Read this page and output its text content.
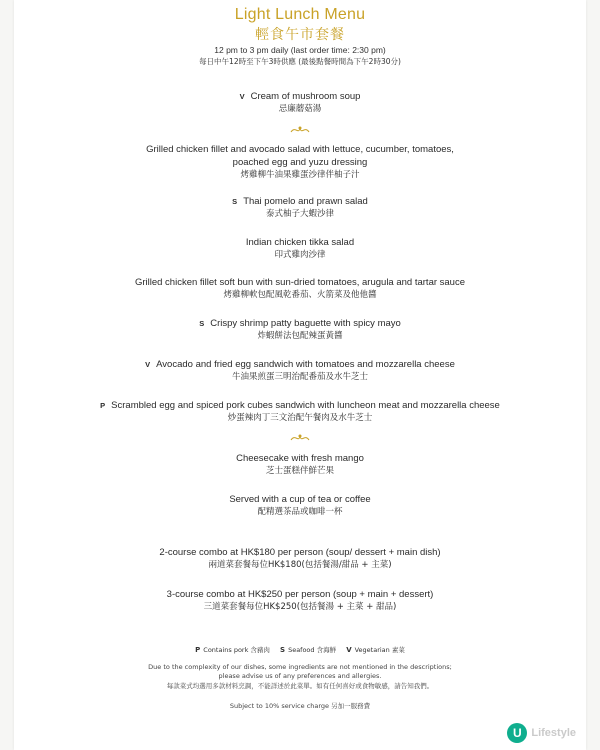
Light Lunch Menu
輕食午市套餐
12 pm to 3 pm daily (last order time: 2:30 pm)
每日中午12時至下午3時供應 (最後點餐時間為下午2時30分)
V Cream of mushroom soup
忌廉蘑菇湯
Grilled chicken fillet and avocado salad with lettuce, cucumber, tomatoes,
poached egg and yuzu dressing
烤雞柳牛油果雞蛋沙律伴柚子汁
S Thai pomelo and prawn salad
泰式柚子大蝦沙律
Indian chicken tikka salad
印式雞肉沙律
Grilled chicken fillet soft bun with sun-dried tomatoes, arugula and tartar sauce
烤雞柳軟包配風乾番茄、火箭菜及他他醬
S Crispy shrimp patty baguette with spicy mayo
炸蝦餅法包配辣蛋黃醬
V Avocado and fried egg sandwich with tomatoes and mozzarella cheese
牛油果煎蛋三明治配番茄及水牛芝士
P Scrambled egg and spiced pork cubes sandwich with luncheon meat and mozzarella cheese
炒蛋辣肉丁三文治配午餐肉及水牛芝士
Cheesecake with fresh mango
芝士蛋糕伴鮮芒果
Served with a cup of tea or coffee
配精選茶品或咖啡一杯
2-course combo at HK$180 per person (soup/ dessert + main dish)
兩道菜套餐每位HK$180(包括餐湯/甜品 + 主菜)
3-course combo at HK$250 per person (soup + main + dessert)
三道菜套餐每位HK$250(包括餐湯 + 主菜 + 甜品)
P Contains pork 含豬肉 S Seafood 含海鮮 V Vegetarian 素菜
Due to the complexity of our dishes, some ingredients are not mentioned in the descriptions;
please advise us of any preferences and allergies.
每款菜式均選用多款材料烹調，不能詳述於此菜單。如有任何喜好或食物敏感，請告知我們。
Subject to 10% service charge 另加一服務費
U Lifestyle
